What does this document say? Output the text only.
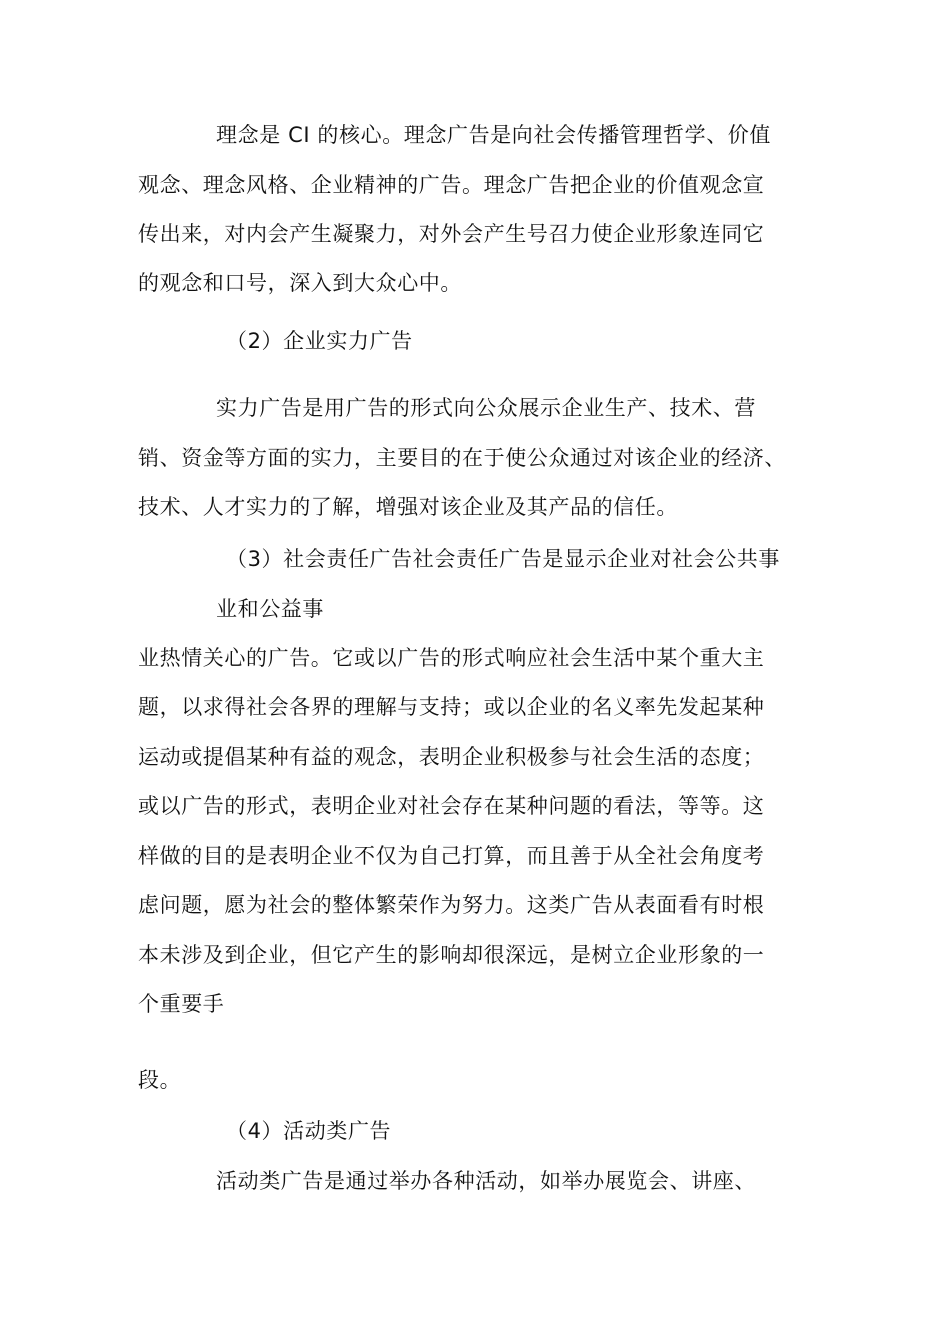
理念是 CI 的核心。理念广告是向社会传播管理哲学、价值
观念、理念风格、企业精神的广告。理念广告把企业的价值观念宣
传出来，对内会产生凝聚力，对外会产生号召力使企业形象连同它
的观念和口号，深入到大众心中。
（2）企业实力广告
实力广告是用广告的形式向公众展示企业生产、技术、营
销、资金等方面的实力，主要目的在于使公众通过对该企业的经济、
技术、人才实力的了解，增强对该企业及其产品的信任。
（3）社会责任广告社会责任广告是显示企业对社会公共事
业和公益事
业热情关心的广告。它或以广告的形式响应社会生活中某个重大主
题，以求得社会各界的理解与支持；或以企业的名义率先发起某种
运动或提倡某种有益的观念，表明企业积极参与社会生活的态度；
或以广告的形式，表明企业对社会存在某种问题的看法，等等。这
样做的目的是表明企业不仅为自己打算，而且善于从全社会角度考
虑问题，愿为社会的整体繁荣作为努力。这类广告从表面看有时根
本未涉及到企业，但它产生的影响却很深远，是树立企业形象的一
个重要手
段。
（4）活动类广告
活动类广告是通过举办各种活动，如举办展览会、讲座、
